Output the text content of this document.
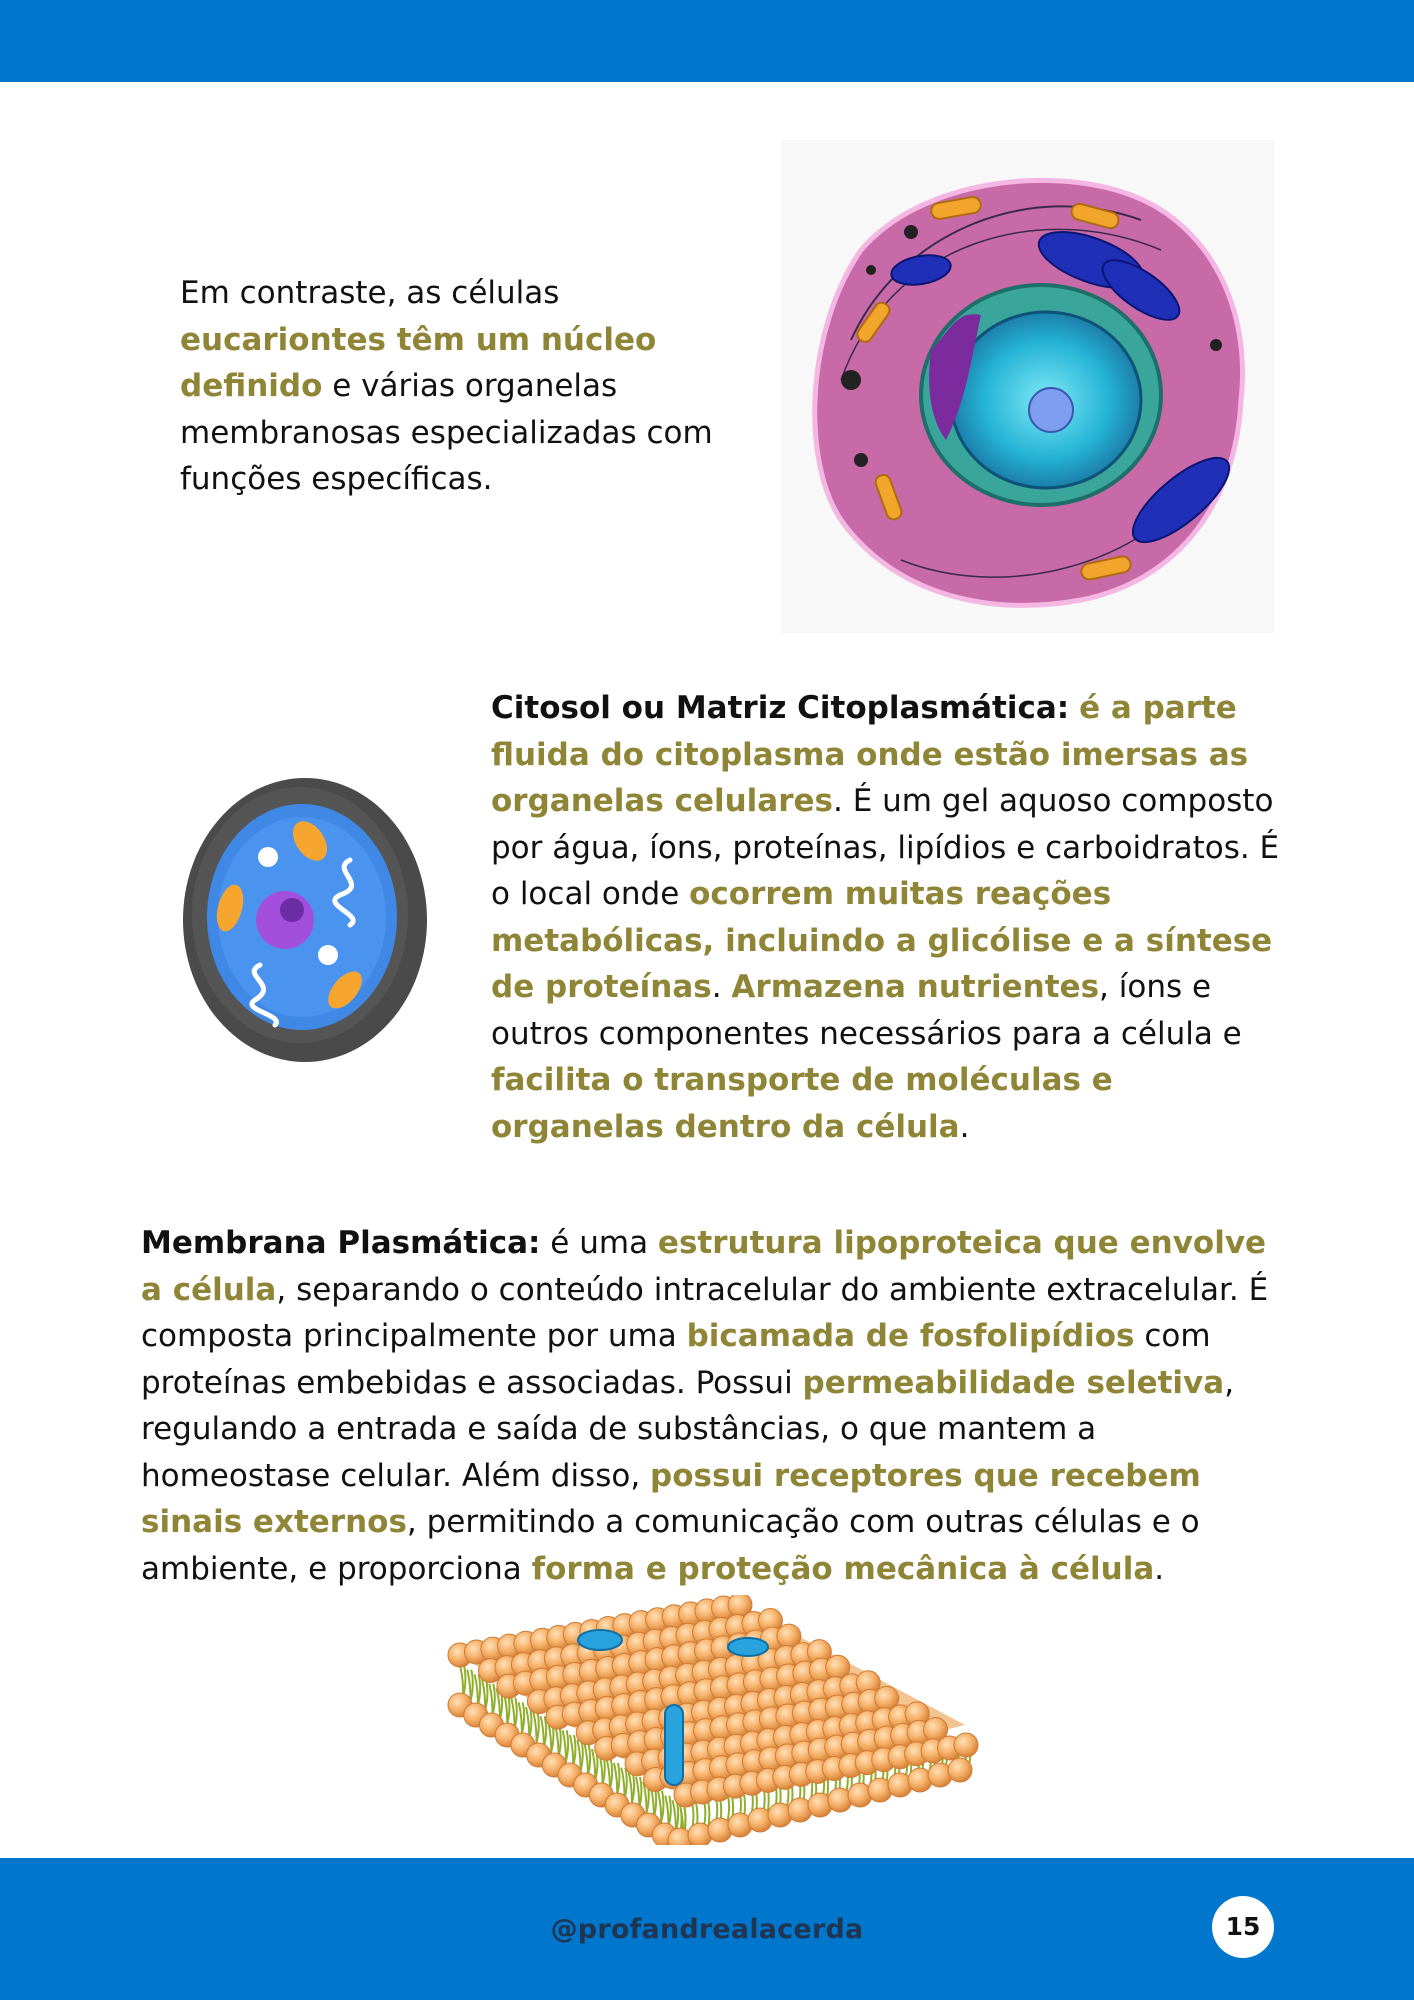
Em contraste, as células eucariontes têm um núcleo definido e várias organelas membranosas especializadas com funções específicas.

Citosol ou Matriz Citoplasmática: é a parte fluida do citoplasma onde estão imersas as organelas celulares. É um gel aquoso composto por água, íons, proteínas, lipídios e carboidratos. É o local onde ocorrem muitas reações metabólicas, incluindo a glicólise e a síntese de proteínas. Armazena nutrientes, íons e outros componentes necessários para a célula e facilita o transporte de moléculas e organelas dentro da célula.

Membrana Plasmática: é uma estrutura lipoproteica que envolve a célula, separando o conteúdo intracelular do ambiente extracelular. É composta principalmente por uma bicamada de fosfolipídios com proteínas embebidas e associadas. Possui permeabilidade seletiva, regulando a entrada e saída de substâncias, o que mantem a homeostase celular. Além disso, possui receptores que recebem sinais externos, permitindo a comunicação com outras células e o ambiente, e proporciona forma e proteção mecânica à célula.

@profandrealacerda	15
